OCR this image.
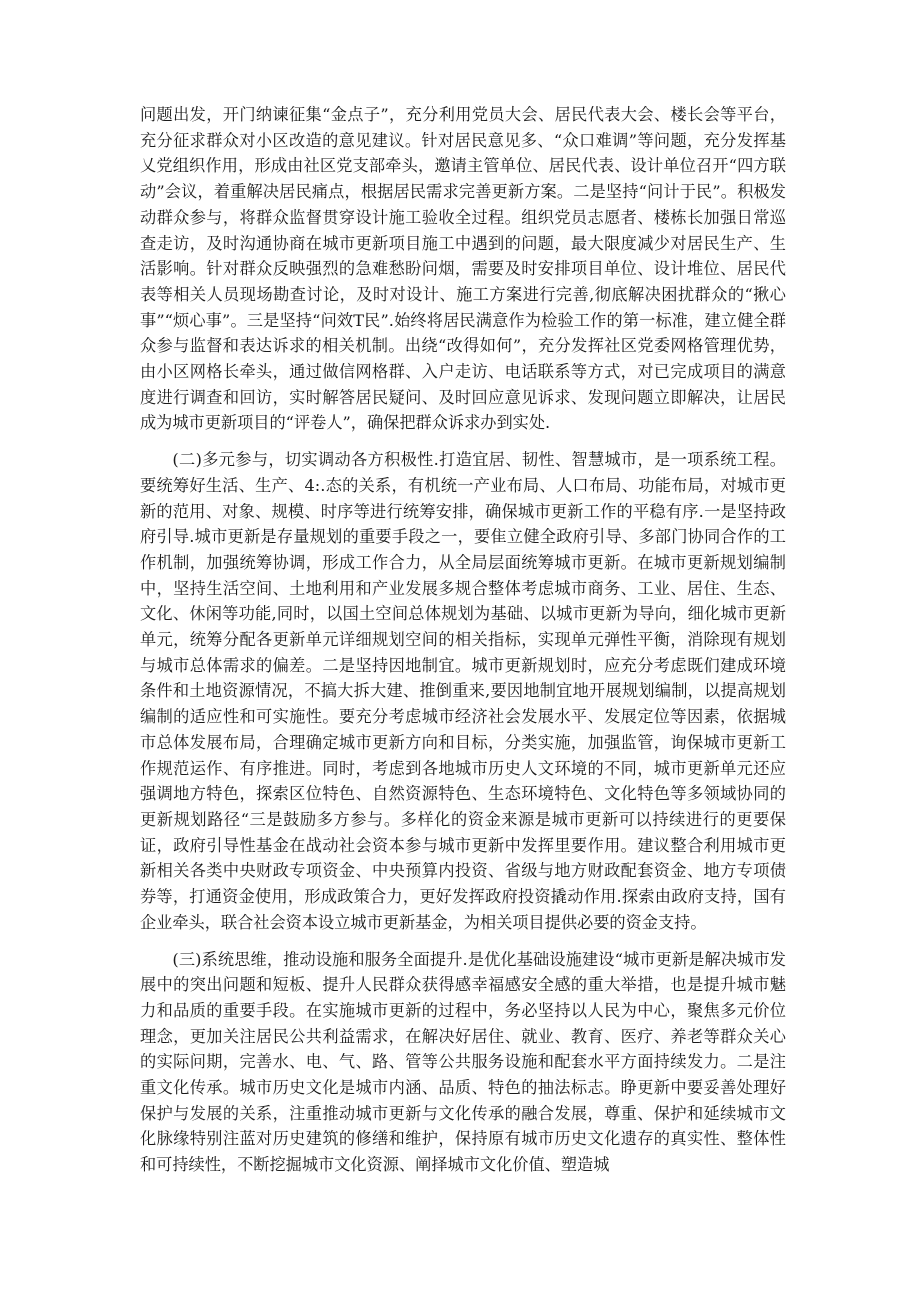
问题出发，开门纳谏征集“金点子”，充分利用党员大会、居民代表大会、楼长会等平台，充分征求群众对小区改造的意见建议。针对居民意见多、“众口难调”等问题，充分发挥基乂党组织作用，形成由社区党支部牵头，邀请主管单位、居民代表、设计单位召开“四方联动”会议，着重解决居民痛点，根据居民需求完善更新方案。二是坚持“问计于民”。积极发动群众参与，将群众监督贯穿设计施工验收全过程。组织党员志愿者、楼栋长加强日常巡查走访，及时沟通协商在城市更新项目施工中遇到的问题，最大限度减少对居民生产、生活影响。针对群众反映强烈的急难愁盼问烟，需要及时安排项目单位、设计堆位、居民代表等相关人员现场勘查讨论，及时对设计、施工方案进行完善,彻底解决困扰群众的“揪心事”“烦心事”。三是坚持“问效T民”.始终将居民满意作为检验工作的第一标准，建立健全群众参与监督和表达诉求的相关机制。出绕“改得如何”，充分发挥社区党委网格管理优势，由小区网格长牵头，通过做信网格群、入户走访、电话联系等方式，对已完成项目的满意度进行调查和回访，实时解答居民疑问、及时回应意见诉求、发现问题立即解决，让居民成为城市更新项目的“评卷人”，确保把群众诉求办到实处.

(二)多元参与，切实调动各方积极性.打造宜居、韧性、智慧城市，是一项系统工程。要统筹好生活、生产、4:.态的关系，有机统一产业布局、人口布局、功能布局，对城市更新的范用、对象、规模、时序等进行统筹安排，确保城市更新工作的平稳有序.一是坚持政府引导.城市更新是存量规划的重要手段之一，要隹立健全政府引导、多部门协同合作的工作机制，加强统筹协调，形成工作合力，从全局层面统筹城市更新。在城市更新规划编制中，坚持生活空间、土地利用和产业发展多规合整体考虑城市商务、工业、居住、生态、文化、休闲等功能,同时，以国土空间总体规划为基础、以城市更新为导向，细化城市更新单元，统筹分配各更新单元详细规划空间的相关指标，实现单元弹性平衡，消除现有规划与城市总体需求的偏差。二是坚持因地制宜。城市更新规划时，应充分考虑既们建成环境条件和土地资源情况，不搞大拆大建、推倒重来,要因地制宜地开展规划编制，以提高规划编制的适应性和可实施性。要充分考虑城市经济社会发展水平、发展定位等因素，依据城市总体发展布局，合理确定城市更新方向和目标，分类实施，加强监管，询保城市更新工作规范运作、有序推进。同时，考虑到各地城市历史人文环境的不同，城市更新单元还应强调地方特色，探索区位特色、自然资源特色、生态环境特色、文化特色等多领域协同的更新规划路径“三是鼓励多方参与。多样化的资金来源是城市更新可以持续进行的更要保证，政府引导性基金在战动社会资本参与城市更新中发挥里要作用。建议整合利用城市更新相关各类中央财政专项资金、中央预算内投资、省级与地方财政配套资金、地方专项债券等，打通资金使用，形成政策合力，更好发挥政府投资撬动作用.探索由政府支持，国有企业牵头，联合社会资本设立城市更新基金，为相关项目提供必要的资金支持。

(三)系统思维，推动设施和服务全面提升.是优化基础设施建设“城市更新是解决城市发展中的突出问题和短板、提升人民群众获得感幸福感安全感的重大举措，也是提升城市魅力和品质的重要手段。在实施城市更新的过程中，务必坚持以人民为中心，聚焦多元价位理念，更加关注居民公共利益需求，在解决好居住、就业、教育、医疗、养老等群众关心的实际问期，完善水、电、气、路、管等公共服务设施和配套水平方面持续发力。二是注重文化传承。城市历史文化是城市内涵、品质、特色的抽法标志。睁更新中要妥善处理好保护与发展的关系，注重推动城市更新与文化传承的融合发展，尊重、保护和延续城市文化脉缘特别注蓝对历史建筑的修缮和维护，保持原有城市历史文化遗存的真实性、整体性和可持续性，不断挖掘城市文化资源、阐择城市文化价值、塑造城
